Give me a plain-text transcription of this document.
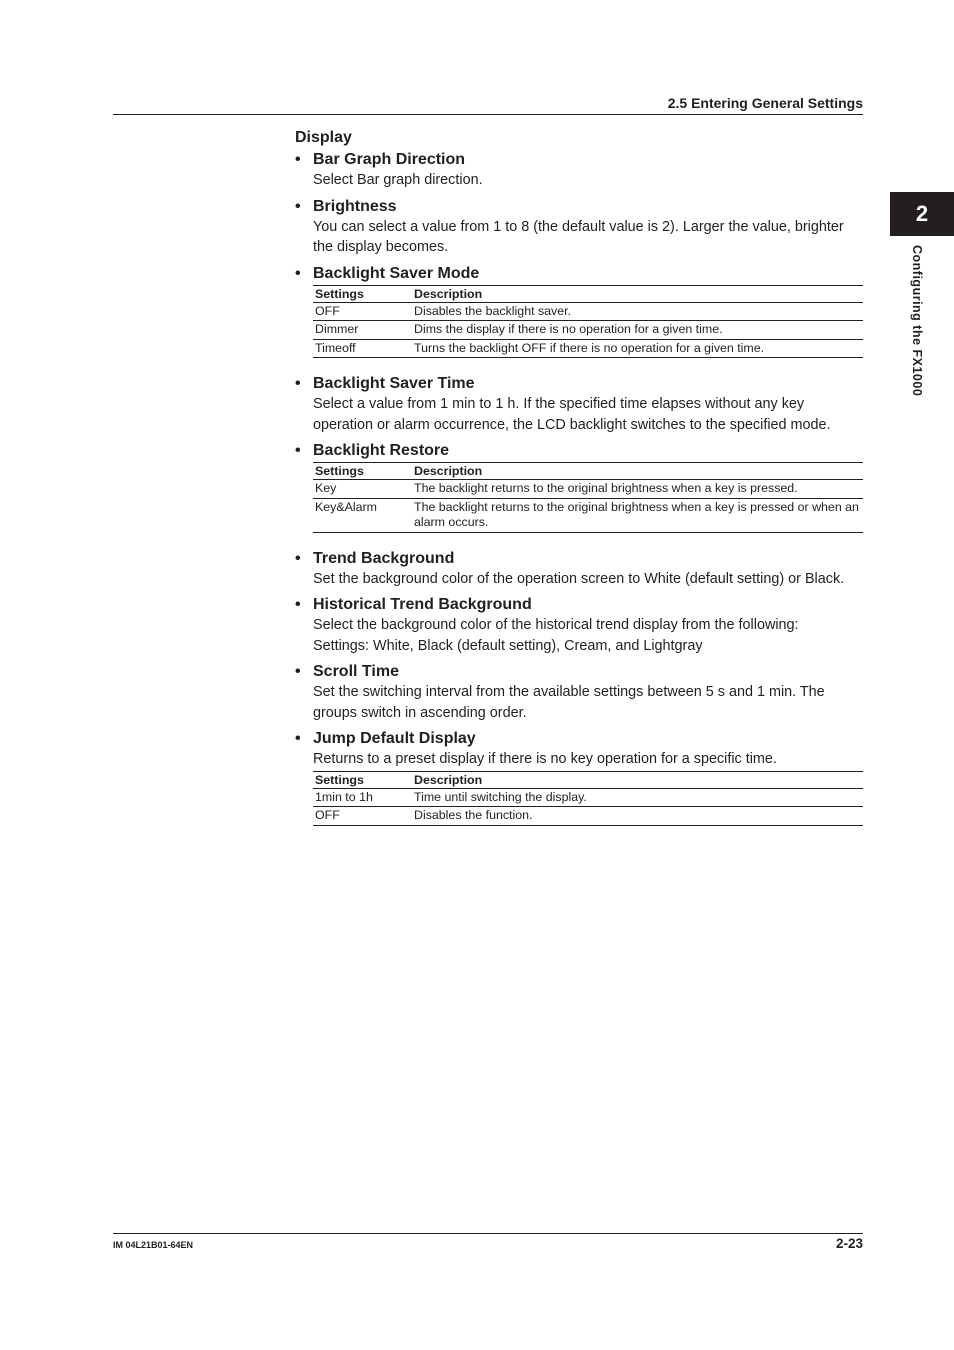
2.5 Entering General Settings
2
Configuring the FX1000
Display
• Bar Graph Direction
Select Bar graph direction.
• Brightness
You can select a value from 1 to 8 (the default value is 2). Larger the value, brighter the display becomes.
• Backlight Saver Mode
Settings	Description
OFF	Disables the backlight saver.
Dimmer	Dims the display if there is no operation for a given time.
Timeoff	Turns the backlight OFF if there is no operation for a given time.
• Backlight Saver Time
Select a value from 1 min to 1 h. If the specified time elapses without any key operation or alarm occurrence, the LCD backlight switches to the specified mode.
• Backlight Restore
Settings	Description
Key	The backlight returns to the original brightness when a key is pressed.
Key&Alarm	The backlight returns to the original brightness when a key is pressed or when an alarm occurs.
• Trend Background
Set the background color of the operation screen to White (default setting) or Black.
• Historical Trend Background
Select the background color of the historical trend display from the following:
Settings: White, Black (default setting), Cream, and Lightgray
• Scroll Time
Set the switching interval from the available settings between 5 s and 1 min. The groups switch in ascending order.
• Jump Default Display
Returns to a preset display if there is no key operation for a specific time.
Settings	Description
1min to 1h	Time until switching the display.
OFF	Disables the function.
IM 04L21B01-64EN	2-23
